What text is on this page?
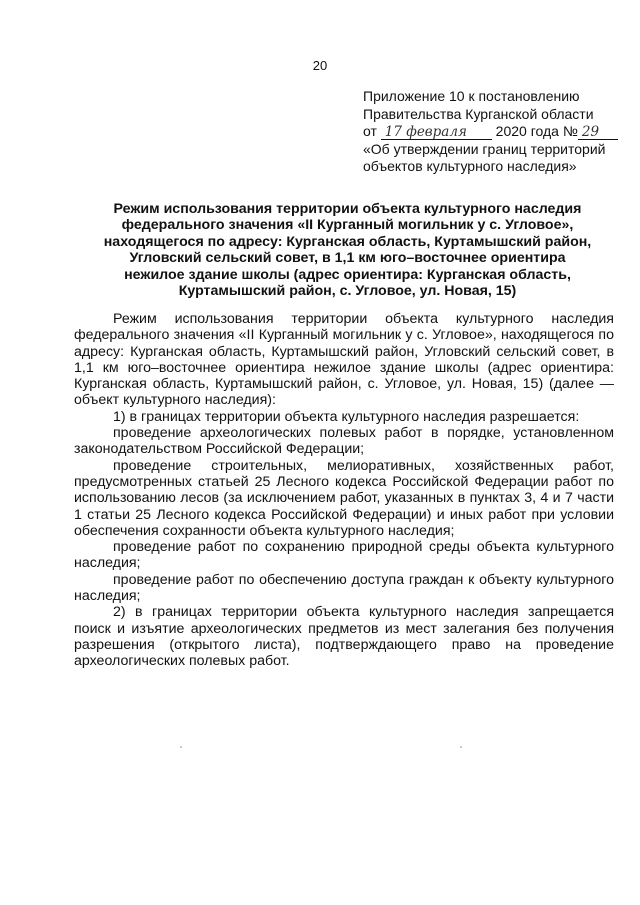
20
Приложение 10 к постановлению
Правительства Курганской области
от 17 февраля 2020 года № 29
«Об утверждении границ территорий
объектов культурного наследия»
Режим использования территории объекта культурного наследия федерального значения «II Курганный могильник у с. Угловое», находящегося по адресу: Курганская область, Куртамышский район, Угловский сельский совет, в 1,1 км юго–восточнее ориентира нежилое здание школы (адрес ориентира: Курганская область, Куртамышский район, с. Угловое, ул. Новая, 15)

Режим использования территории объекта культурного наследия федерального значения «II Курганный могильник у с. Угловое», находящегося по адресу: Курганская область, Куртамышский район, Угловский сельский совет, в 1,1 км юго–восточнее ориентира нежилое здание школы (адрес ориентира: Курганская область, Куртамышский район, с. Угловое, ул. Новая, 15) (далее — объект культурного наследия):

1) в границах территории объекта культурного наследия разрешается:

проведение археологических полевых работ в порядке, установленном законодательством Российской Федерации;

проведение строительных, мелиоративных, хозяйственных работ, предусмотренных статьей 25 Лесного кодекса Российской Федерации работ по использованию лесов (за исключением работ, указанных в пунктах 3, 4 и 7 части 1 статьи 25 Лесного кодекса Российской Федерации) и иных работ при условии обеспечения сохранности объекта культурного наследия;

проведение работ по сохранению природной среды объекта культурного наследия;

проведение работ по обеспечению доступа граждан к объекту культурного наследия;

2) в границах территории объекта культурного наследия запрещается поиск и изъятие археологических предметов из мест залегания без получения разрешения (открытого листа), подтверждающего право на проведение археологических полевых работ.
